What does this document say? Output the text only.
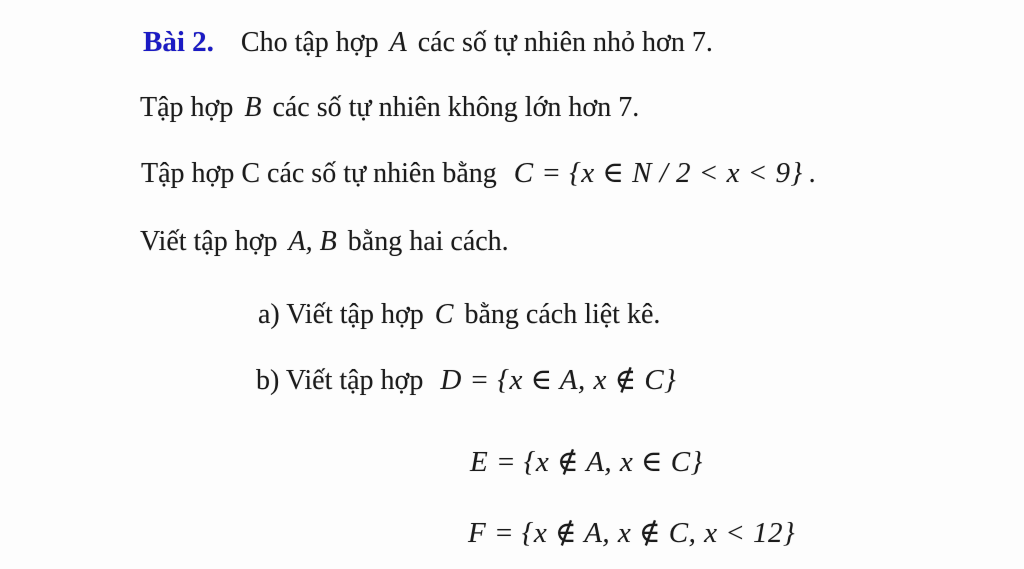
Bài 2. Cho tập hợp A các số tự nhiên nhỏ hơn 7.

Tập hợp B các số tự nhiên không lớn hơn 7.

Tập hợp C các số tự nhiên bằng C = {x ∈ N / 2 < x < 9} .

Viết tập hợp A, B bằng hai cách.

a) Viết tập hợp C bằng cách liệt kê.

b) Viết tập hợp D = {x ∈ A, x ∉ C}

E = {x ∉ A, x ∈ C}

F = {x ∉ A, x ∉ C, x < 12}
